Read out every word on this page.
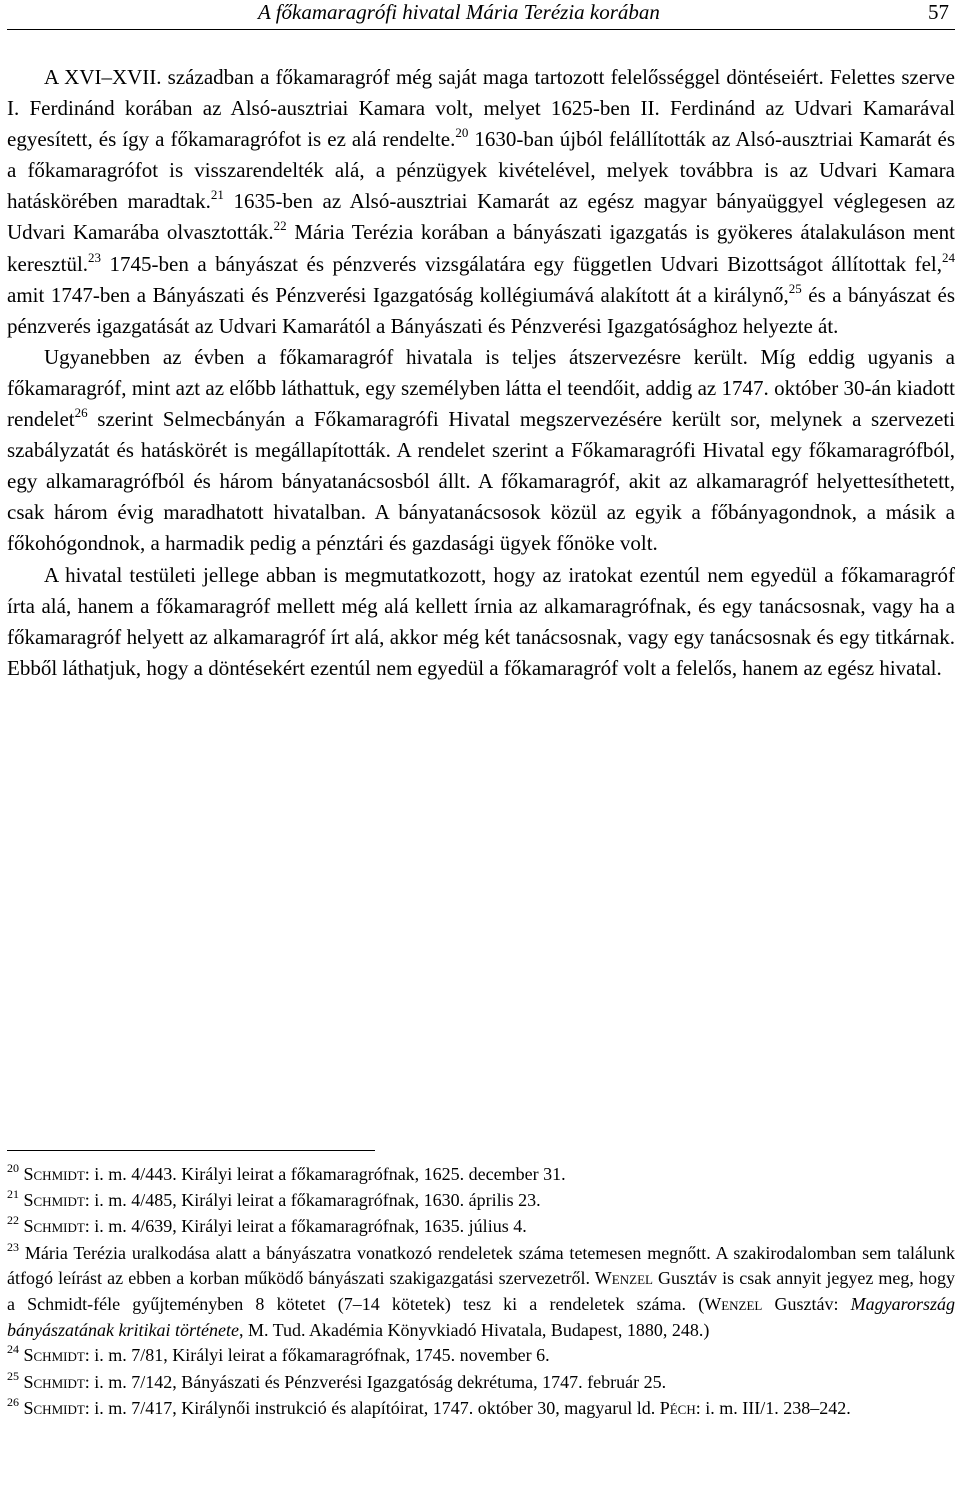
A főkamaragrófi hivatal Mária Terézia korában	57

A XVI–XVII. században a főkamaragróf még saját maga tartozott felelősséggel döntéseiért. Felettes szerve I. Ferdinánd korában az Alsó-ausztriai Kamara volt, melyet 1625-ben II. Ferdinánd az Udvari Kamarával egyesített, és így a főkamaragrófot is ez alá rendelte.$^{20}$ 1630-ban újból felállították az Alsó-ausztriai Kamarát és a főkamaragrófot is visszarendelték alá, a pénzügyek kivételével, melyek továbbra is az Udvari Kamara hatáskörében maradtak.$^{21}$ 1635-ben az Alsó-ausztriai Kamarát az egész magyar bányaüggyel véglegesen az Udvari Kamarába olvasztották.$^{22}$ Mária Terézia korában a bányászati igazgatás is gyökeres átalakuláson ment keresztül.$^{23}$ 1745-ben a bányászat és pénzverés vizsgálatára egy független Udvari Bizottságot állítottak fel,$^{24}$ amit 1747-ben a Bányászati és Pénzverési Igazgatóság kollégiumává alakított át a királynő,$^{25}$ és a bányászat és pénzverés igazgatását az Udvari Kamarától a Bányászati és Pénzverési Igazgatósághoz helyezte át.

Ugyanebben az évben a főkamaragróf hivatala is teljes átszervezésre került. Míg eddig ugyanis a főkamaragróf, mint azt az előbb láthattuk, egy személyben látta el teendőit, addig az 1747. október 30-án kiadott rendelet$^{26}$ szerint Selmecbányán a Főkamaragrófi Hivatal megszervezésére került sor, melynek a szervezeti szabályzatát és hatáskörét is megállapították. A rendelet szerint a Főkamaragrófi Hivatal egy főkamaragrófból, egy alkamaragrófból és három bányatanácsosból állt. A főkamaragróf, akit az alkamaragróf helyettesíthetett, csak három évig maradhatott hivatalban. A bányatanácsosok közül az egyik a főbányagondnok, a másik a főkohógondnok, a harmadik pedig a pénztári és gazdasági ügyek főnöke volt.

A hivatal testületi jellege abban is megmutatkozott, hogy az iratokat ezentúl nem egyedül a főkamaragróf írta alá, hanem a főkamaragróf mellett még alá kellett írnia az alkamaragrófnak, és egy tanácsosnak, vagy ha a főkamaragróf helyett az alkamaragróf írt alá, akkor még két tanácsosnak, vagy egy tanácsosnak és egy titkárnak. Ebből láthatjuk, hogy a döntésekért ezentúl nem egyedül a főkamaragróf volt a felelős, hanem az egész hivatal.

$^{20}$ SCHMIDT: i. m. 4/443. Királyi leirat a főkamaragrófnak, 1625. december 31.

$^{21}$ SCHMIDT: i. m. 4/485, Királyi leirat a főkamaragrófnak, 1630. április 23.

$^{22}$ SCHMIDT: i. m. 4/639, Királyi leirat a főkamaragrófnak, 1635. július 4.

$^{23}$ Mária Terézia uralkodása alatt a bányászatra vonatkozó rendeletek száma tetemesen megnőtt. A szakirodalomban sem találunk átfogó leírást az ebben a korban működő bányászati szakigazgatási szervezetről. WENZEL Gusztáv is csak annyit jegyez meg, hogy a Schmidt-féle gyűjteményben 8 kötetet (7–14 kötetek) tesz ki a rendeletek száma. (WENZEL Gusztáv: Magyarország bányászatának kritikai története, M. Tud. Akadémia Könyvkiadó Hivatala, Budapest, 1880, 248.)

$^{24}$ SCHMIDT: i. m. 7/81, Királyi leirat a főkamaragrófnak, 1745. november 6.

$^{25}$ SCHMIDT: i. m. 7/142, Bányászati és Pénzverési Igazgatóság dekrétuma, 1747. február 25.

$^{26}$ SCHMIDT: i. m. 7/417, Királynői instrukció és alapítóirat, 1747. október 30, magyarul ld. PÉCH: i. m. III/1. 238–242.
